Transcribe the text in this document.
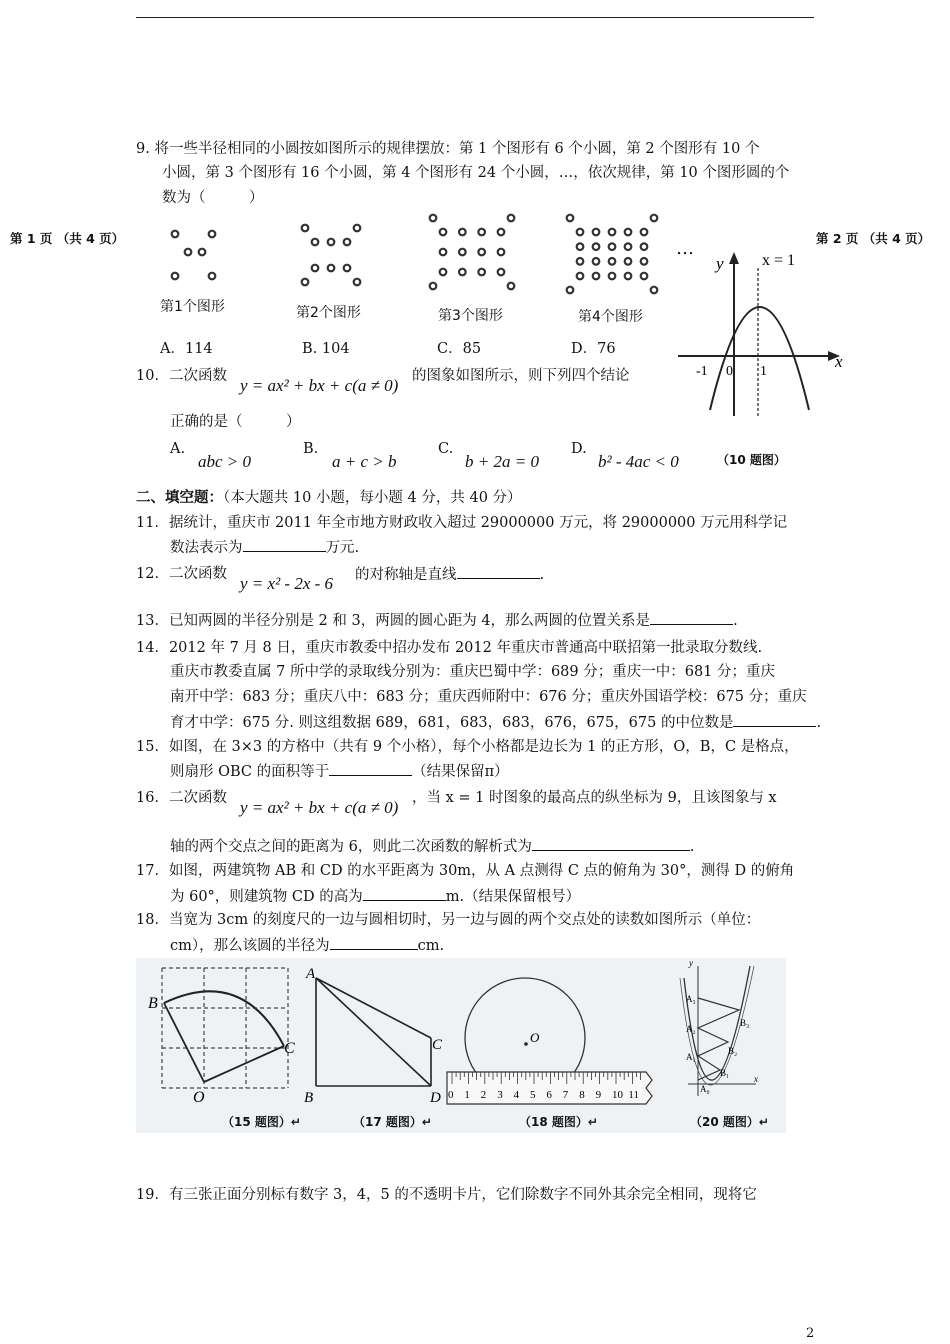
第 1 页 （共 4 页）	第 2 页 （共 4 页）
9. 将一些半径相同的小圆按如图所示的规律摆放：第 1 个图形有 6 个小圆，第 2 个图形有 10 个
小圆，第 3 个图形有 16 个小圆，第 4 个图形有 24 个小圆，…，依次规律，第 10 个图形圆的个
数为（　　　）
第1个图形	第2个图形	第3个图形	第4个图形
…
A．114	B. 104	C．85	D．76
10．二次函数 y = ax² + bx + c(a ≠ 0) 的图象如图所示，则下列四个结论
正确的是（　　　）
A.
abc > 0
B.
a + c > b
C.
b + 2a = 0
D.
b² - 4ac < 0
y x = 1
x
-1 0 1
（10 题图）
二、填空题：（本大题共 10 小题，每小题 4 分，共 40 分）
11．据统计，重庆市 2011 年全市地方财政收入超过 29000000 万元，将 29000000 万元用科学记
数法表示为	万元.
12．二次函数 y = x² - 2x - 6 的对称轴是直线	.
13．已知两圆的半径分别是 2 和 3，两圆的圆心距为 4，那么两圆的位置关系是	.
14．2012 年 7 月 8 日，重庆市教委中招办发布 2012 年重庆市普通高中联招第一批录取分数线.
重庆市教委直属 7 所中学的录取线分别为：重庆巴蜀中学：689 分；重庆一中：681 分；重庆
南开中学：683 分；重庆八中：683 分；重庆西师附中：676 分；重庆外国语学校：675 分；重庆
育才中学：675 分. 则这组数据 689，681，683，683，676，675，675 的中位数是	.
15．如图，在 3×3 的方格中（共有 9 个小格），每个小格都是边长为 1 的正方形，O，B，C 是格点，
则扇形 OBC 的面积等于	（结果保留π）
16．二次函数 y = ax² + bx + c(a ≠ 0) ，当 x = 1 时图象的最高点的纵坐标为 9，且该图象与 x
轴的两个交点之间的距离为 6，则此二次函数的解析式为	.
17．如图，两建筑物 AB 和 CD 的水平距离为 30m，从 A 点测得 C 点的俯角为 30°，测得 D 的俯角
为 60°，则建筑物 CD 的高为	m.（结果保留根号）
18．当宽为 3cm 的刻度尺的一边与圆相切时，另一边与圆的两个交点处的读数如图所示（单位：
cm），那么该圆的半径为	cm.
B
O
C
A
B
C
D
O
0 1 2 3 4 5 6 7 8 9 10 11
y
x
A₃
A₂
A₁
A₀
B₃
B₂
B₁
（15 题图）↵	（17 题图）↵	（18 题图）↵	（20 题图）↵
19．有三张正面分别标有数字 3，4，5 的不透明卡片，它们除数字不同外其余完全相同，现将它
2
